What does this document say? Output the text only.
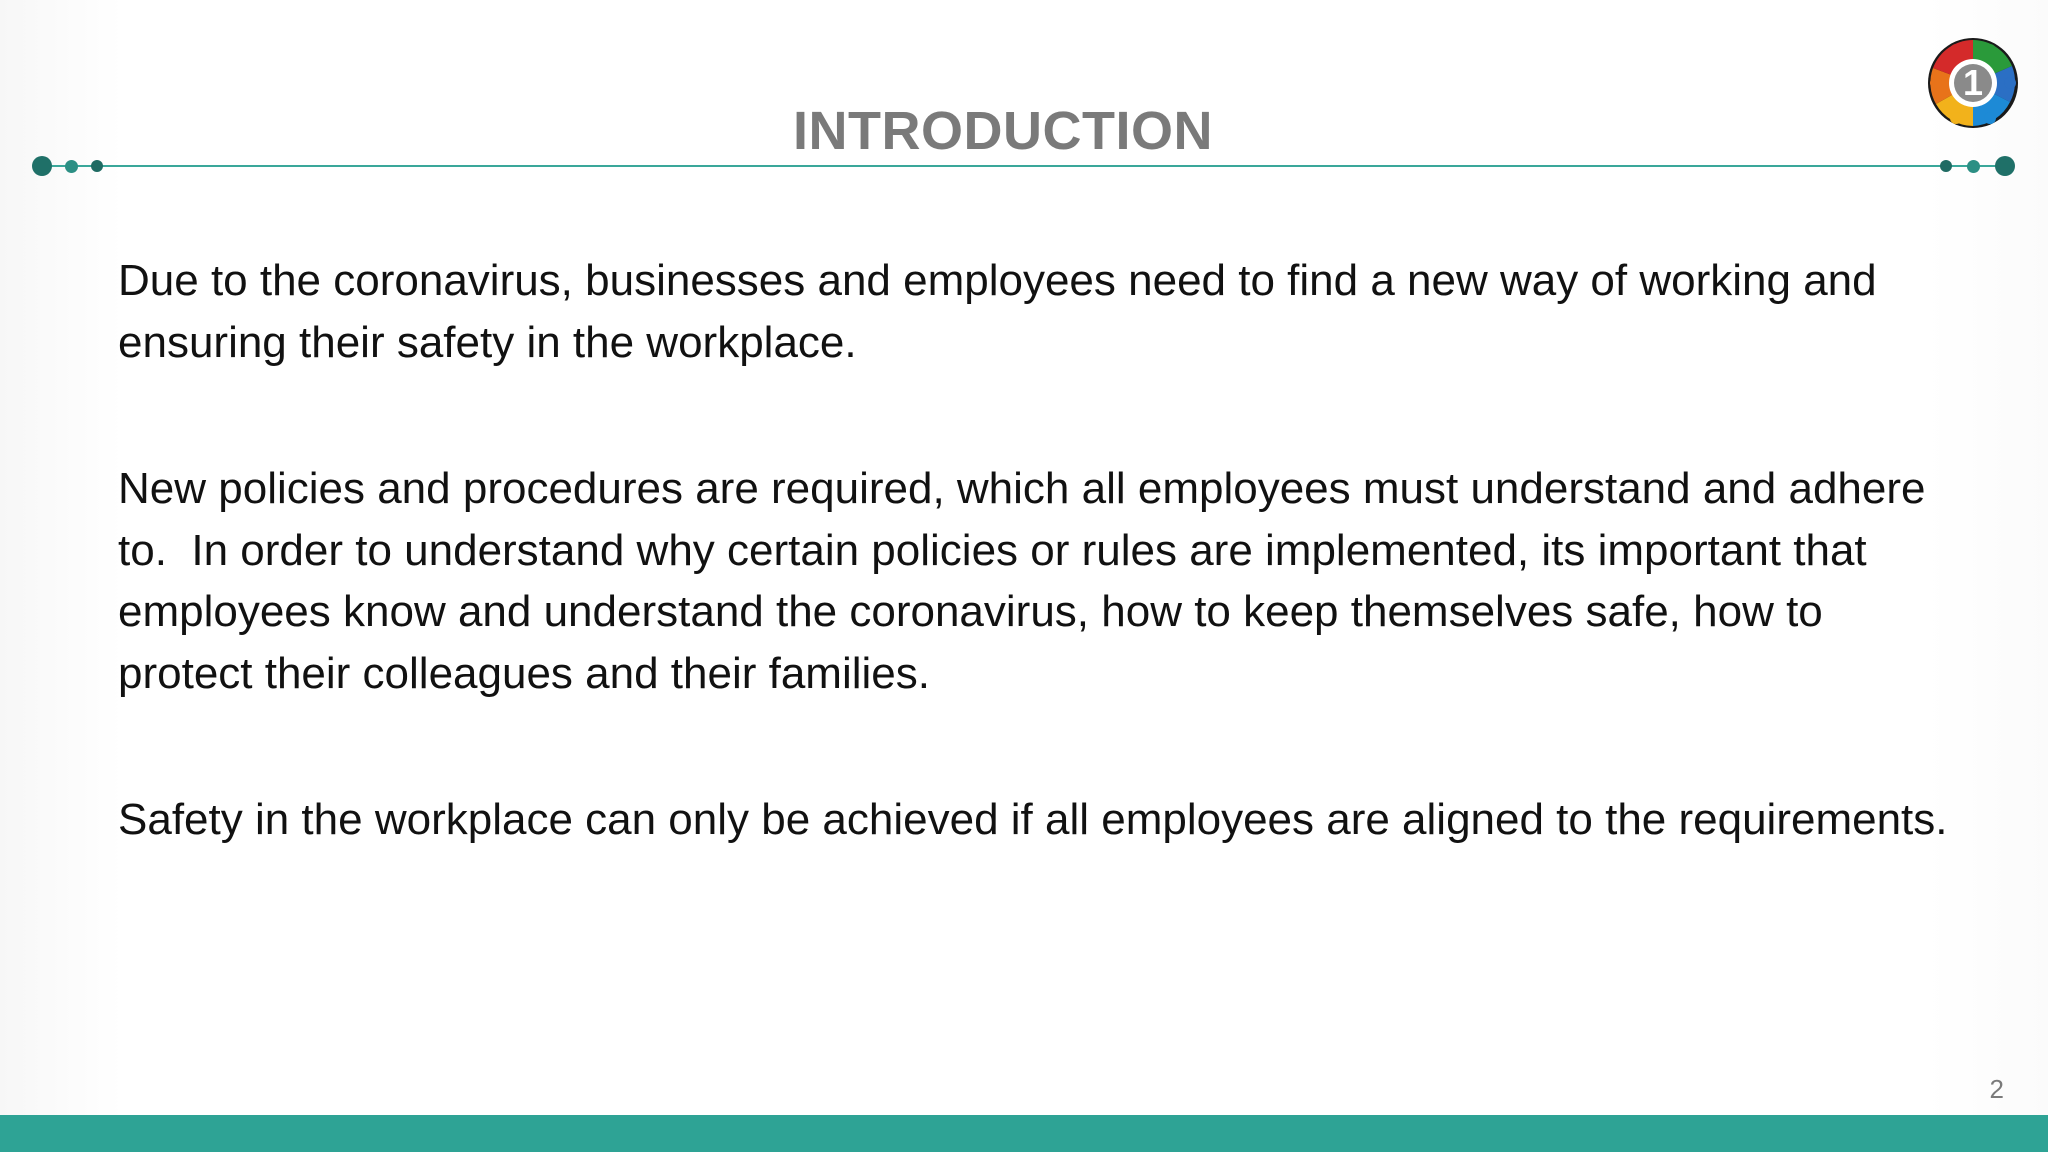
INTRODUCTION
1

Due to the coronavirus, businesses and employees need to find a new way of working and ensuring their safety in the workplace.

New policies and procedures are required, which all employees must understand and adhere to.  In order to understand why certain policies or rules are implemented, its important that employees know and understand the coronavirus, how to keep themselves safe, how to protect their colleagues and their families.

Safety in the workplace can only be achieved if all employees are aligned to the requirements.

2
